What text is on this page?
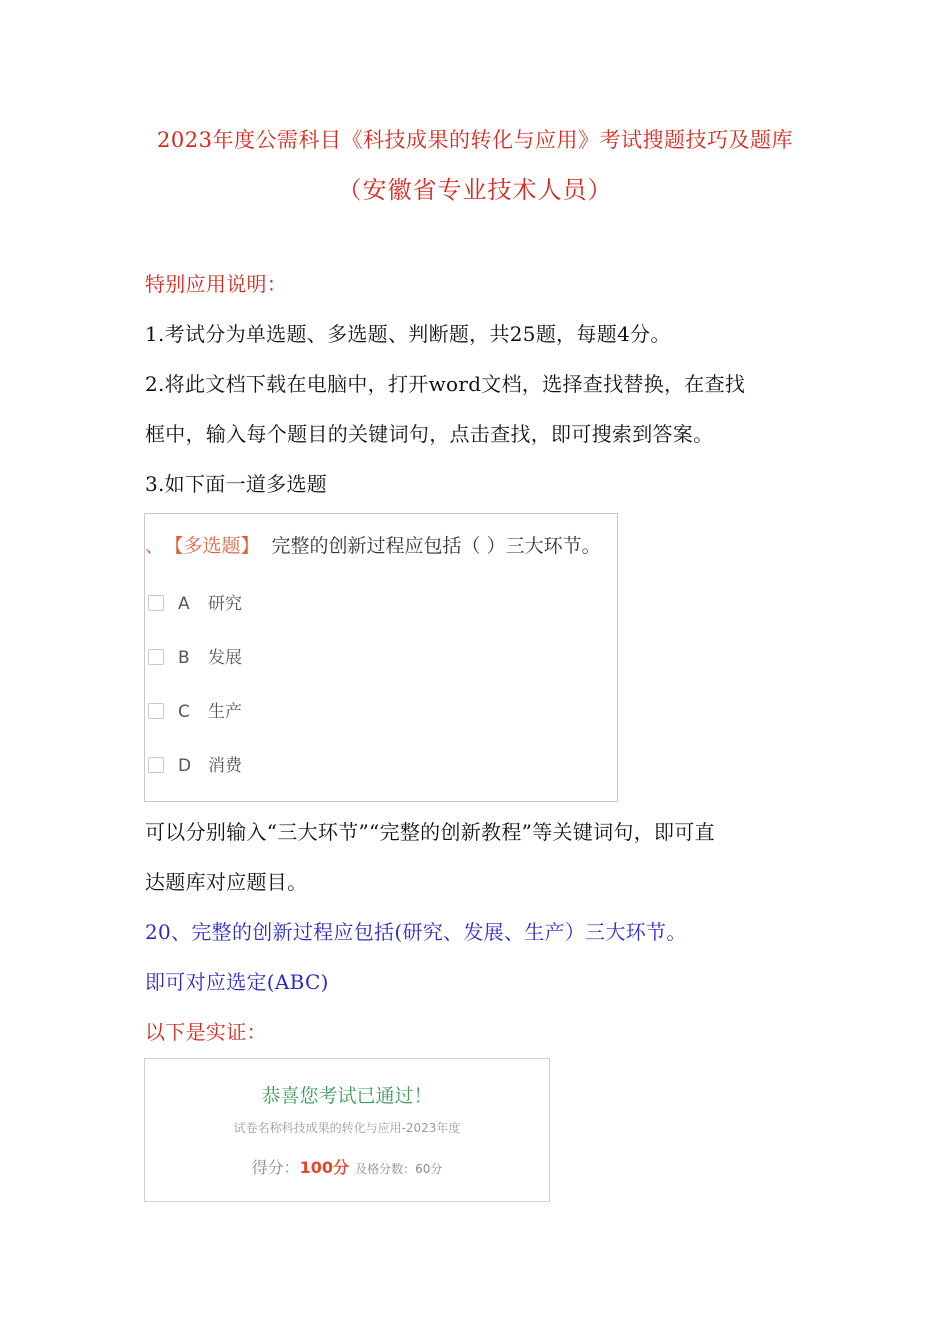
2023年度公需科目《科技成果的转化与应用》考试搜题技巧及题库
（安徽省专业技术人员）
特别应用说明：
1.考试分为单选题、多选题、判断题，共25题，每题4分。
2.将此文档下载在电脑中，打开word文档，选择查找替换，在查找
框中，输入每个题目的关键词句，点击查找，即可搜索到答案。
3.如下面一道多选题
、 【多选题】 完整的创新过程应包括（ ）三大环节。
A 研究
B 发展
C 生产
D 消费
可以分别输入“三大环节”“完整的创新教程”等关键词句，即可直
达题库对应题目。
20、完整的创新过程应包括(研究、发展、生产）三大环节。
即可对应选定(ABC)
以下是实证：
恭喜您考试已通过！
试卷名称科技成果的转化与应用-2023年度
得分：100分 及格分数：60分
